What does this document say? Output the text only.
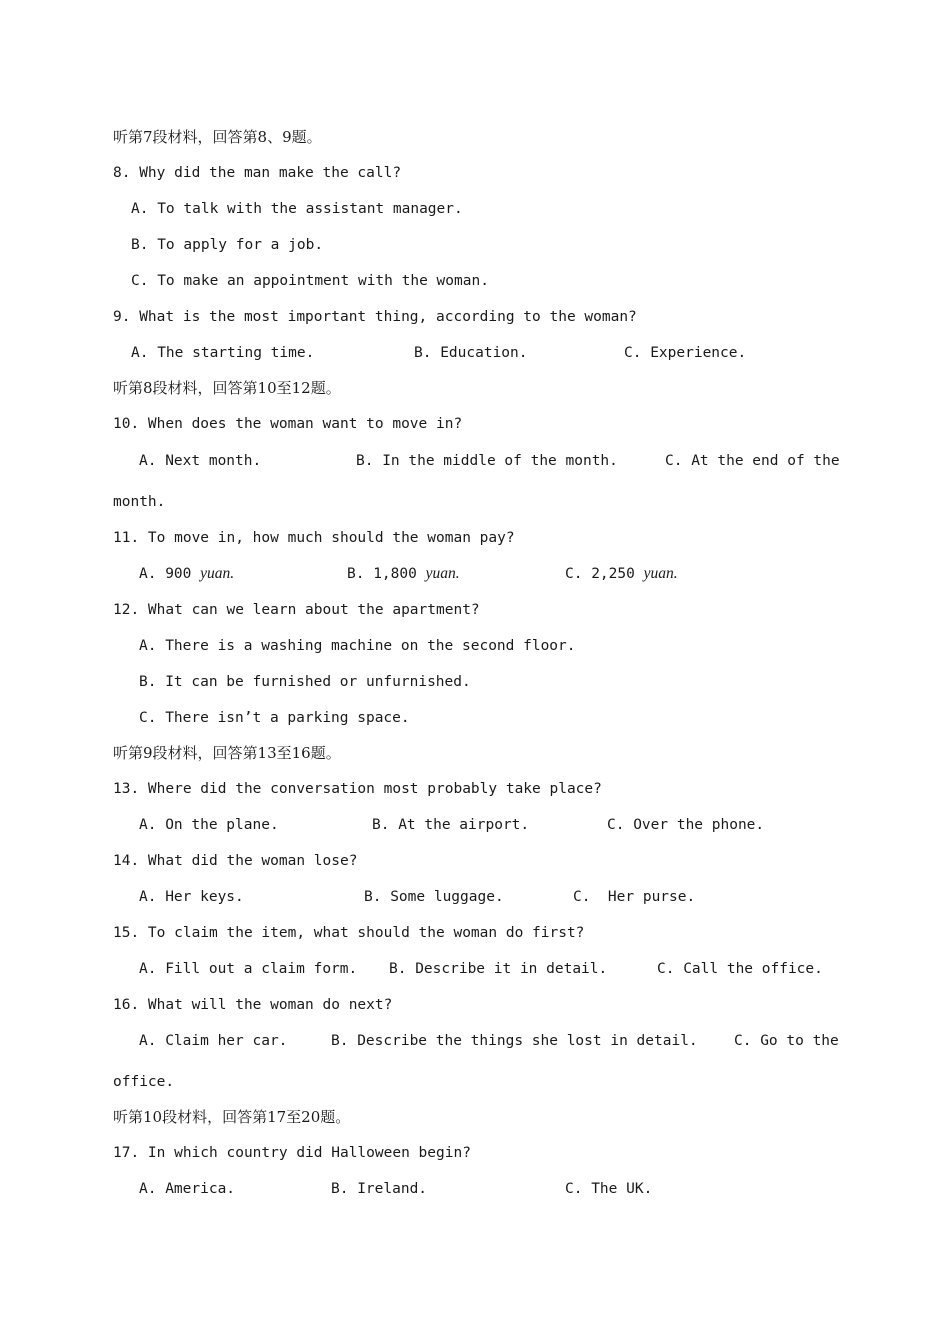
听第7段材料，回答第8、9题。
8. Why did the man make the call?
A. To talk with the assistant manager.
B. To apply for a job.
C. To make an appointment with the woman.
9. What is the most important thing, according to the woman?
A. The starting time.	B. Education.	C. Experience.
听第8段材料，回答第10至12题。
10. When does the woman want to move in?
A. Next month.	B. In the middle of the month.	C. At the end of the
month.
11. To move in, how much should the woman pay?
A. 900 yuan.	B. 1,800 yuan.	C. 2,250 yuan.
12. What can we learn about the apartment?
A. There is a washing machine on the second floor.
B. It can be furnished or unfurnished.
C. There isn’t a parking space.
听第9段材料，回答第13至16题。
13. Where did the conversation most probably take place?
A. On the plane.	B. At the airport.	C. Over the phone.
14. What did the woman lose?
A. Her keys.	B. Some luggage.	C.  Her purse.
15. To claim the item, what should the woman do first?
A. Fill out a claim form. B. Describe it in detail.	C. Call the office.
16. What will the woman do next?
A. Claim her car.	B. Describe the things she lost in detail.	C. Go to the
office.
听第10段材料，回答第17至20题。
17. In which country did Halloween begin?
A. America.	B. Ireland.	C. The UK.
